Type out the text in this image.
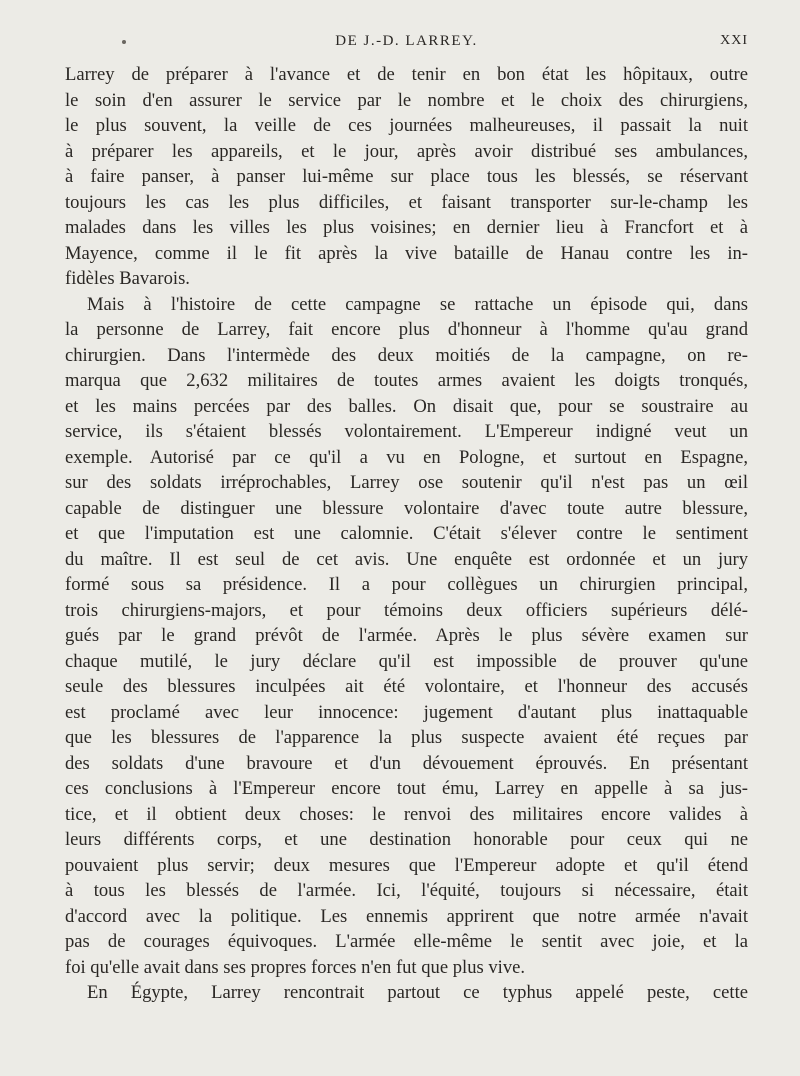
DE J.-D. LARREY.	XXI

Larrey de préparer à l'avance et de tenir en bon état les hôpitaux, outre
le soin d'en assurer le service par le nombre et le choix des chirurgiens,
le plus souvent, la veille de ces journées malheureuses, il passait la nuit
à préparer les appareils, et le jour, après avoir distribué ses ambulances,
à faire panser, à panser lui-même sur place tous les blessés, se réservant
toujours les cas les plus difficiles, et faisant transporter sur-le-champ les
malades dans les villes les plus voisines; en dernier lieu à Francfort et à
Mayence, comme il le fit après la vive bataille de Hanau contre les in-
fidèles Bavarois.
Mais à l'histoire de cette campagne se rattache un épisode qui, dans
la personne de Larrey, fait encore plus d'honneur à l'homme qu'au grand
chirurgien. Dans l'intermède des deux moitiés de la campagne, on re-
marqua que 2,632 militaires de toutes armes avaient les doigts tronqués,
et les mains percées par des balles. On disait que, pour se soustraire au
service, ils s'étaient blessés volontairement. L'Empereur indigné veut un
exemple. Autorisé par ce qu'il a vu en Pologne, et surtout en Espagne,
sur des soldats irréprochables, Larrey ose soutenir qu'il n'est pas un œil
capable de distinguer une blessure volontaire d'avec toute autre blessure,
et que l'imputation est une calomnie. C'était s'élever contre le sentiment
du maître. Il est seul de cet avis. Une enquête est ordonnée et un jury
formé sous sa présidence. Il a pour collègues un chirurgien principal,
trois chirurgiens-majors, et pour témoins deux officiers supérieurs délé-
gués par le grand prévôt de l'armée. Après le plus sévère examen sur
chaque mutilé, le jury déclare qu'il est impossible de prouver qu'une
seule des blessures inculpées ait été volontaire, et l'honneur des accusés
est proclamé avec leur innocence: jugement d'autant plus inattaquable
que les blessures de l'apparence la plus suspecte avaient été reçues par
des soldats d'une bravoure et d'un dévouement éprouvés. En présentant
ces conclusions à l'Empereur encore tout ému, Larrey en appelle à sa jus-
tice, et il obtient deux choses: le renvoi des militaires encore valides à
leurs différents corps, et une destination honorable pour ceux qui ne
pouvaient plus servir; deux mesures que l'Empereur adopte et qu'il étend
à tous les blessés de l'armée. Ici, l'équité, toujours si nécessaire, était
d'accord avec la politique. Les ennemis apprirent que notre armée n'avait
pas de courages équivoques. L'armée elle-même le sentit avec joie, et la
foi qu'elle avait dans ses propres forces n'en fut que plus vive.
En Égypte, Larrey rencontrait partout ce typhus appelé peste, cette
